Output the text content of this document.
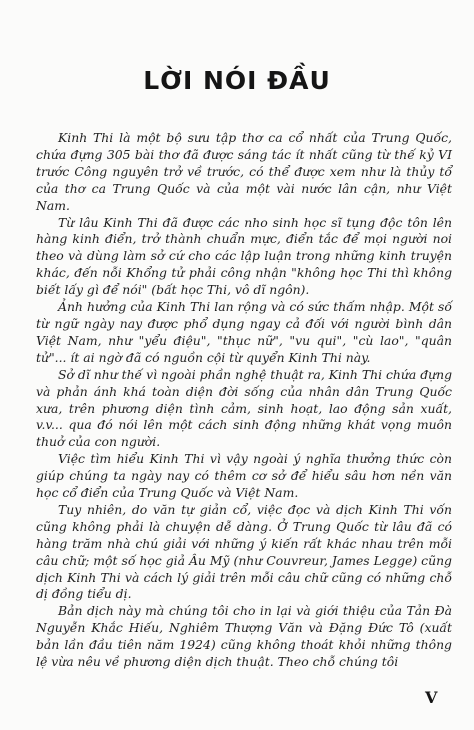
LỜI NÓI ĐẦU

Kinh Thi là một bộ sưu tập thơ ca cổ nhất của Trung Quốc, chứa đựng 305 bài thơ đã được sáng tác ít nhất cũng từ thế kỷ VI trước Công nguyên trở về trước, có thể được xem như là thủy tổ của thơ ca Trung Quốc và của một vài nước lân cận, như Việt Nam.

Từ lâu Kinh Thi đã được các nho sinh học sĩ tụng độc tôn lên hàng kinh điển, trở thành chuẩn mực, điển tắc để mọi người noi theo và dùng làm sở cứ cho các lập luận trong những kinh truyện khác, đến nỗi Khổng tử phải công nhận "không học Thi thì không biết lấy gì để nói" (bất học Thi, vô dĩ ngôn).

Ảnh hưởng của Kinh Thi lan rộng và có sức thấm nhập. Một số từ ngữ ngày nay được phổ dụng ngay cả đối với người bình dân Việt Nam, như "yểu điệu", "thục nữ", "vu qui", "cù lao", "quân tử"... ít ai ngờ đã có nguồn cội từ quyển Kinh Thi này.

Sở dĩ như thế vì ngoài phần nghệ thuật ra, Kinh Thi chứa đựng và phản ánh khá toàn diện đời sống của nhân dân Trung Quốc xưa, trên phương diện tình cảm, sinh hoạt, lao động sản xuất, v.v... qua đó nói lên một cách sinh động những khát vọng muôn thuở của con người.

Việc tìm hiểu Kinh Thi vì vậy ngoài ý nghĩa thưởng thức còn giúp chúng ta ngày nay có thêm cơ sở để hiểu sâu hơn nền văn học cổ điển của Trung Quốc và Việt Nam.

Tuy nhiên, do văn tự giản cổ, việc đọc và dịch Kinh Thi vốn cũng không phải là chuyện dễ dàng. Ở Trung Quốc từ lâu đã có hàng trăm nhà chú giải với những ý kiến rất khác nhau trên mỗi câu chữ; một số học giả Âu Mỹ (như Couvreur, James Legge) cũng dịch Kinh Thi và cách lý giải trên mỗi câu chữ cũng có những chỗ dị đồng tiểu dị.

Bản dịch này mà chúng tôi cho in lại và giới thiệu của Tản Đà Nguyễn Khắc Hiếu, Nghiêm Thượng Văn và Đặng Đức Tô (xuất bản lần đầu tiên năm 1924) cũng không thoát khỏi những thông lệ vừa nêu về phương diện dịch thuật. Theo chỗ chúng tôi

V
